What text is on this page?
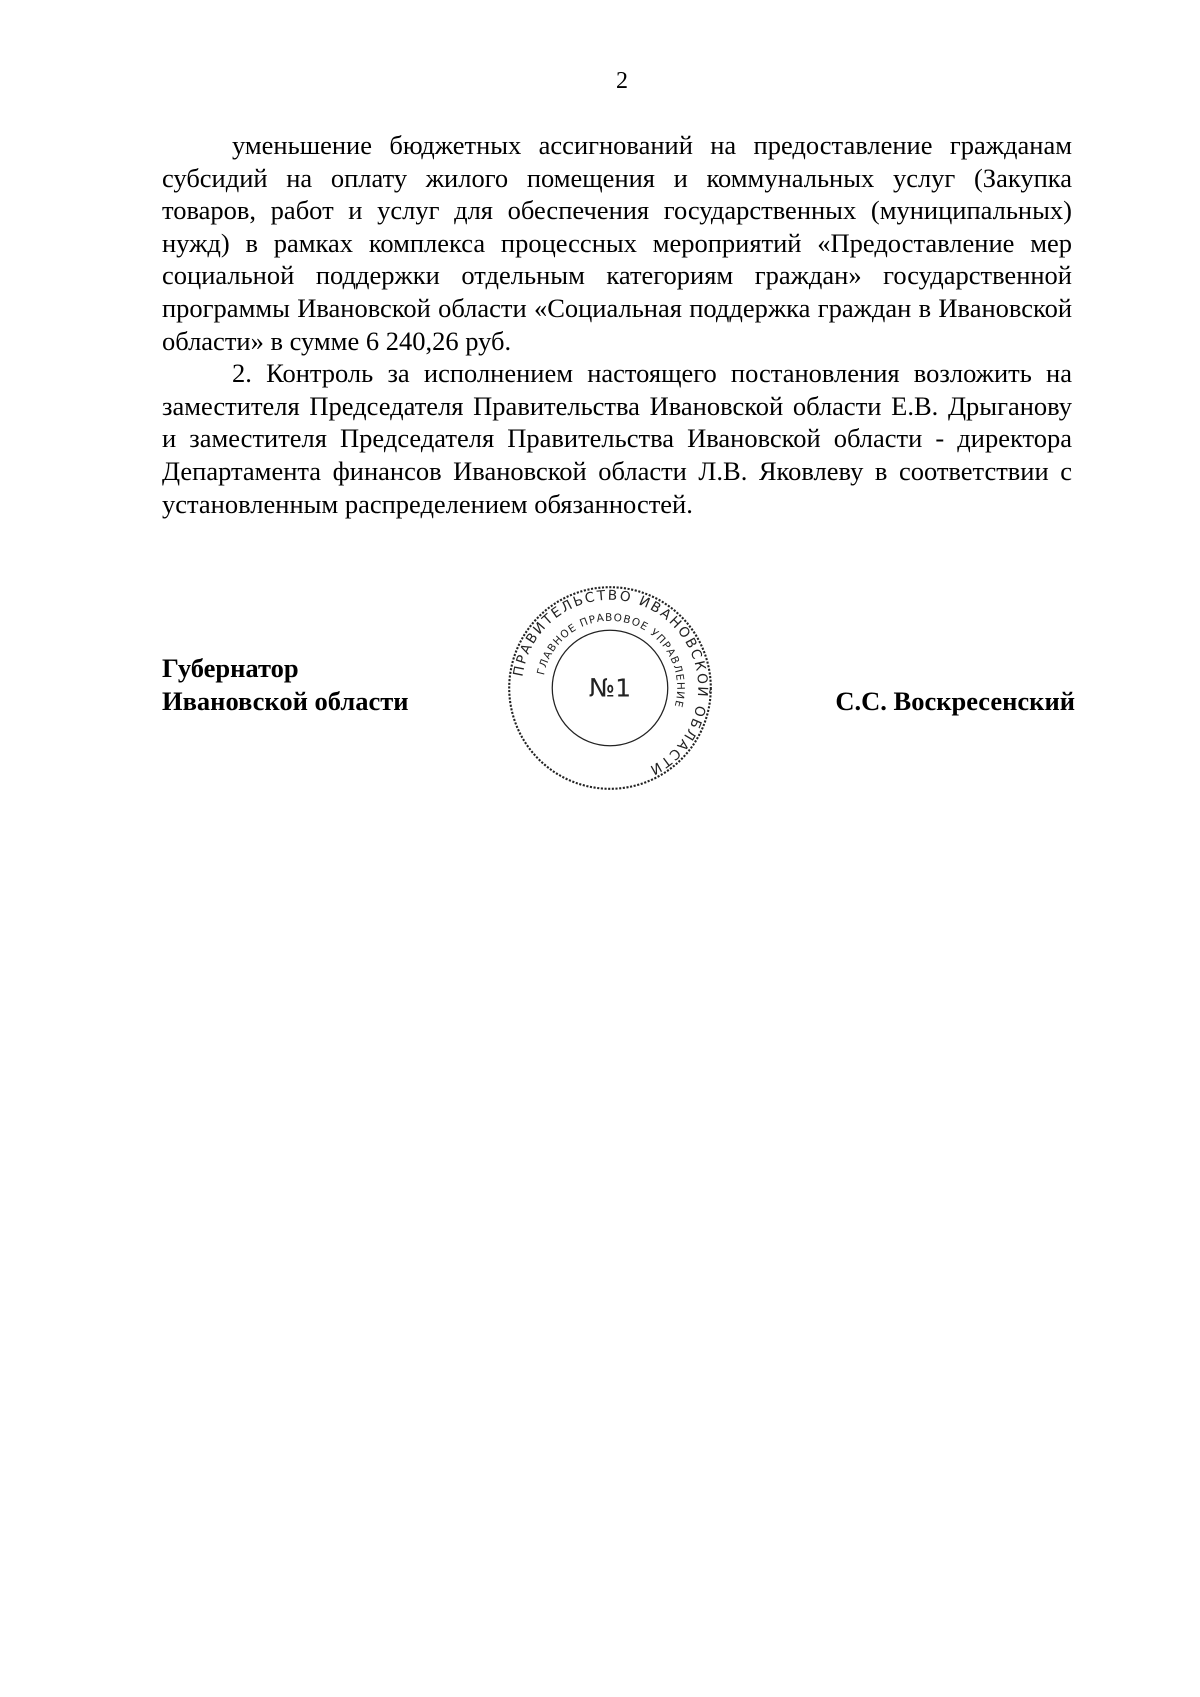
2

уменьшение бюджетных ассигнований на предоставление гражданам субсидий на оплату жилого помещения и коммунальных услуг (Закупка товаров, работ и услуг для обеспечения государственных (муниципальных) нужд) в рамках комплекса процессных мероприятий «Предоставление мер социальной поддержки отдельным категориям граждан» государственной программы Ивановской области «Социальная поддержка граждан в Ивановской области» в сумме 6 240,26 руб.

2. Контроль за исполнением настоящего постановления возложить на заместителя Председателя Правительства Ивановской области Е.В. Дрыганову и заместителя Председателя Правительства Ивановской области - директора Департамента финансов Ивановской области Л.В. Яковлеву в соответствии с установленным распределением обязанностей.

Губернатор
Ивановской области	С.С. Воскресенский
ПРАВИТЕЛЬСТВО ИВАНОВСКОЙ ОБЛАСТИ
ГЛАВНОЕ ПРАВОВОЕ УПРАВЛЕНИЕ
№1
